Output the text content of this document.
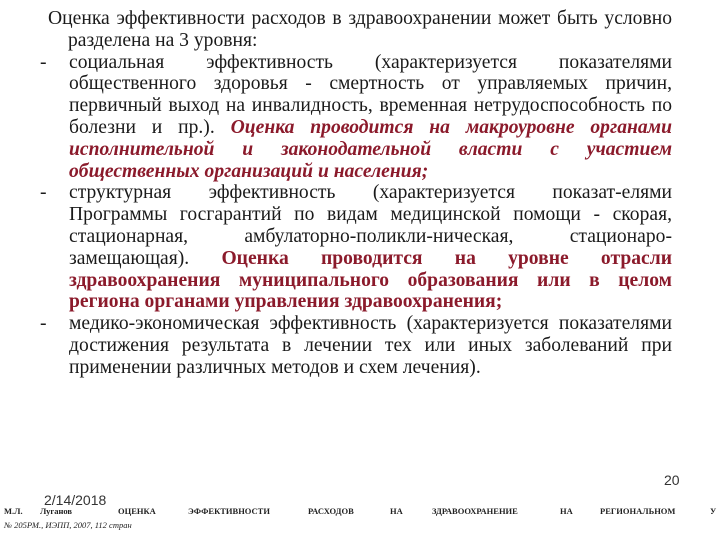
Оценка эффективности расходов в здравоохранении может быть условно разделена на 3 уровня:

- социальная эффективность (характеризуется показателями общественного здоровья - смертность от управляемых причин, первичный выход на инвалидность, временная нетрудоспособность по болезни и пр.). Оценка проводится на макроуровне органами исполнительной и законодательной власти с участием общественных организаций и населения;

- структурная эффективность (характеризуется показат-елями Программы госгарантий по видам медицинской помощи - скорая, стационарная, амбулаторно-поликли-ническая, стационаро-замещающая). Оценка проводится на уровне отрасли здравоохранения муниципального образования или в целом региона органами управления здравоохранения;

- медико-экономическая эффективность (характеризуется показателями достижения результата в лечении тех или иных заболеваний при применении различных методов и схем лечения).

2/14/2018
20
М.Л. Луганов	ОЦЕНКА	ЭФФЕКТИВНОСТИ	РАСХОДОВ	НА	ЗДРАВООХРАНЕНИЕ	НА	РЕГИОНАЛЬНОМ	У
№ 205РМ., ИЭПП, 2007, 112 стран
